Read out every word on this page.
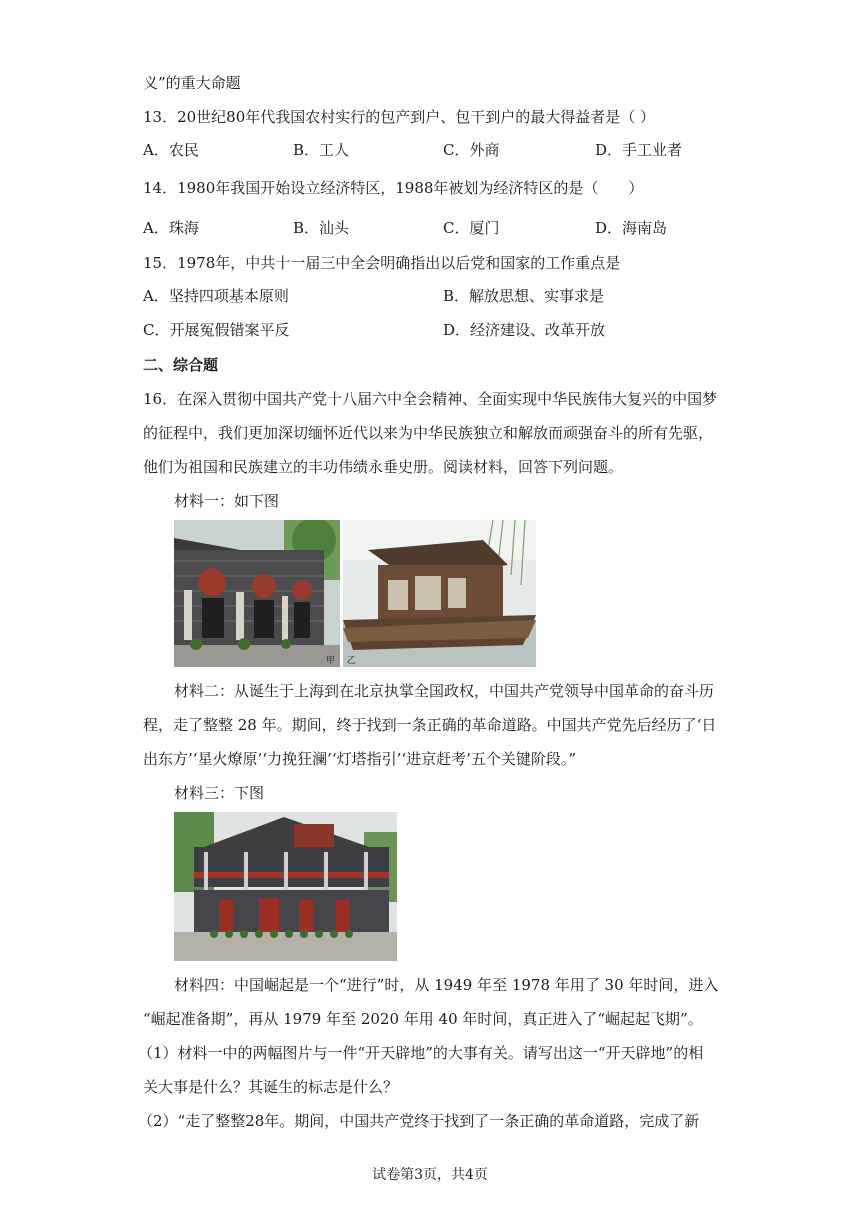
义”的重大命题
13．20世纪80年代我国农村实行的包产到户、包干到户的最大得益者是（ ）
A．农民	B．工人	C．外商	D．手工业者
14．1980年我国开始设立经济特区，1988年被划为经济特区的是（　　）
A．珠海	B．汕头	C．厦门	D．海南岛
15．1978年，中共十一届三中全会明确指出以后党和国家的工作重点是
A．坚持四项基本原则	B．解放思想、实事求是
C．开展冤假错案平反	D．经济建设、改革开放
二、综合题
16．在深入贯彻中国共产党十八届六中全会精神、全面实现中华民族伟大复兴的中国梦
的征程中，我们更加深切缅怀近代以来为中华民族独立和解放而顽强奋斗的所有先驱，
他们为祖国和民族建立的丰功伟绩永垂史册。阅读材料，回答下列问题。
材料一：如下图
甲 乙
材料二：从诞生于上海到在北京执掌全国政权，中国共产党领导中国革命的奋斗历
程，走了整整 28 年。期间，终于找到一条正确的革命道路。中国共产党先后经历了‘日
出东方’‘星火燎原’‘力挽狂澜’‘灯塔指引’‘进京赶考’五个关键阶段。”
材料三：下图
材料四：中国崛起是一个“进行”时，从 1949 年至 1978 年用了 30 年时间，进入
“崛起准备期”，再从 1979 年至 2020 年用 40 年时间，真正进入了“崛起起飞期”。
（1）材料一中的两幅图片与一件“开天辟地”的大事有关。请写出这一“开天辟地”的相
关大事是什么？其诞生的标志是什么？
（2）“走了整整28年。期间，中国共产党终于找到了一条正确的革命道路，完成了新
试卷第3页，共4页
